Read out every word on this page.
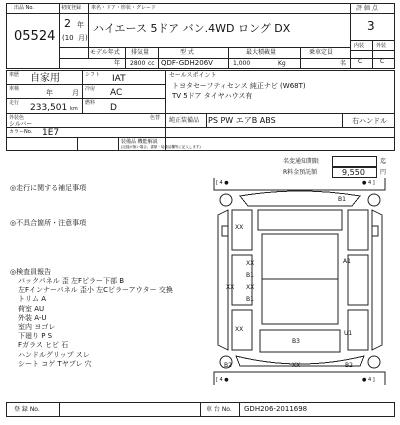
出品 No.
05524
初度登録
2 年
(10 月)
車名・ドア・形状・グレード
ハイエース 5ドア バン.4WD ロング DX
モデル年式
年
排気量
2800 cc
型 式
QDF-GDH206V
最大積載量
1,000	Kg
乗車定員
名
評 価 点
3
内装 外装
C	C
車歴 自家用	シフト IAT
車検	年	月 冷房 AC
走行 233,501 km
燃料 D
外装色
シルバー
色替
カラーNo. 1E7
セールスポイント
トヨタセーフティセンス 純正ナビ (W68T)
TV 5ドア タイヤハウス有
純正装備品 PS PW エアB ABS	右ハンドル
装備品 機能解説
(記録が無い場合、書類・装備品欄等に記入します)
名変通知期限	迄
R料金預託額	9,550	円
◎走行に関する補足事項
◎不具合箇所・注意事項
◎検査員報告
バックパネル 歪 左Fピラー下部 B
左Fインナーパネル 歪小 左Cピラーアウター 交換
トリム A
荷室 AU
外装 A-U
室内 ヨゴレ
下廻り P S
Fガラス ヒビ 石
ハンドルグリップ スレ
シート コゲ Tヤブレ 穴
[ 4 ●	● 4 ]
[ 4 ●	● 4 ]
B1
XX
XX
B1
XX XX
B1
XX
A1
U1
B3
B2	B2
XX
登 録 No.	車 台 No. GDH206-2011698
